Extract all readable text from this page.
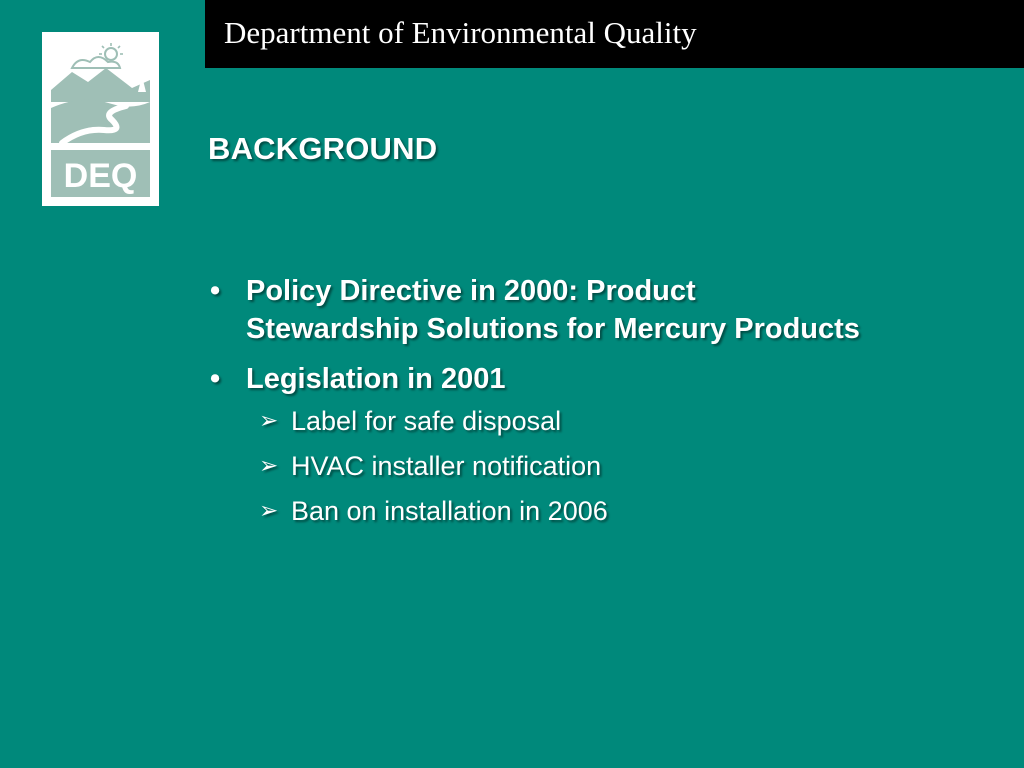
Department of Environmental Quality
DEQ
BACKGROUND
• Policy Directive in 2000: Product
Stewardship Solutions for Mercury Products
• Legislation in 2001
➢ Label for safe disposal
➢ HVAC installer notification
➢ Ban on installation in 2006
